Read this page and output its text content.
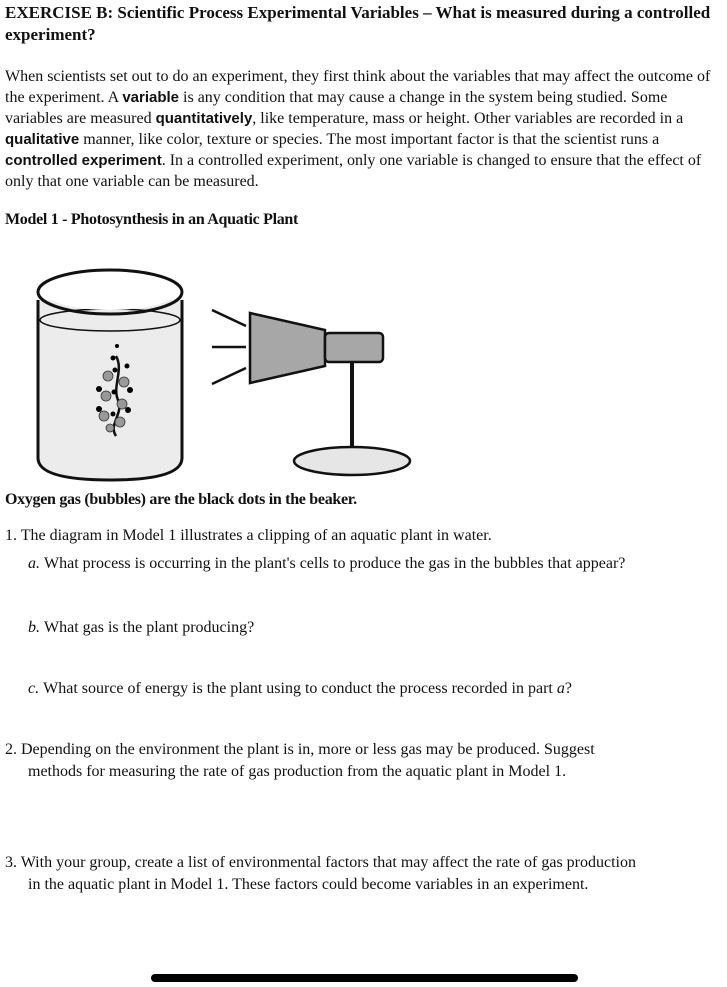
EXERCISE B: Scientific Process Experimental Variables – What is measured during a controlled experiment?

When scientists set out to do an experiment, they first think about the variables that may affect the outcome of the experiment. A variable is any condition that may cause a change in the system being studied. Some variables are measured quantitatively, like temperature, mass or height. Other variables are recorded in a qualitative manner, like color, texture or species. The most important factor is that the scientist runs a controlled experiment. In a controlled experiment, only one variable is changed to ensure that the effect of only that one variable can be measured.

Model 1 - Photosynthesis in an Aquatic Plant

Oxygen gas (bubbles) are the black dots in the beaker.

1. The diagram in Model 1 illustrates a clipping of an aquatic plant in water.

a. What process is occurring in the plant's cells to produce the gas in the bubbles that appear?

b. What gas is the plant producing?

c. What source of energy is the plant using to conduct the process recorded in part a?

2. Depending on the environment the plant is in, more or less gas may be produced. Suggest
methods for measuring the rate of gas production from the aquatic plant in Model 1.

3. With your group, create a list of environmental factors that may affect the rate of gas production
in the aquatic plant in Model 1. These factors could become variables in an experiment.
